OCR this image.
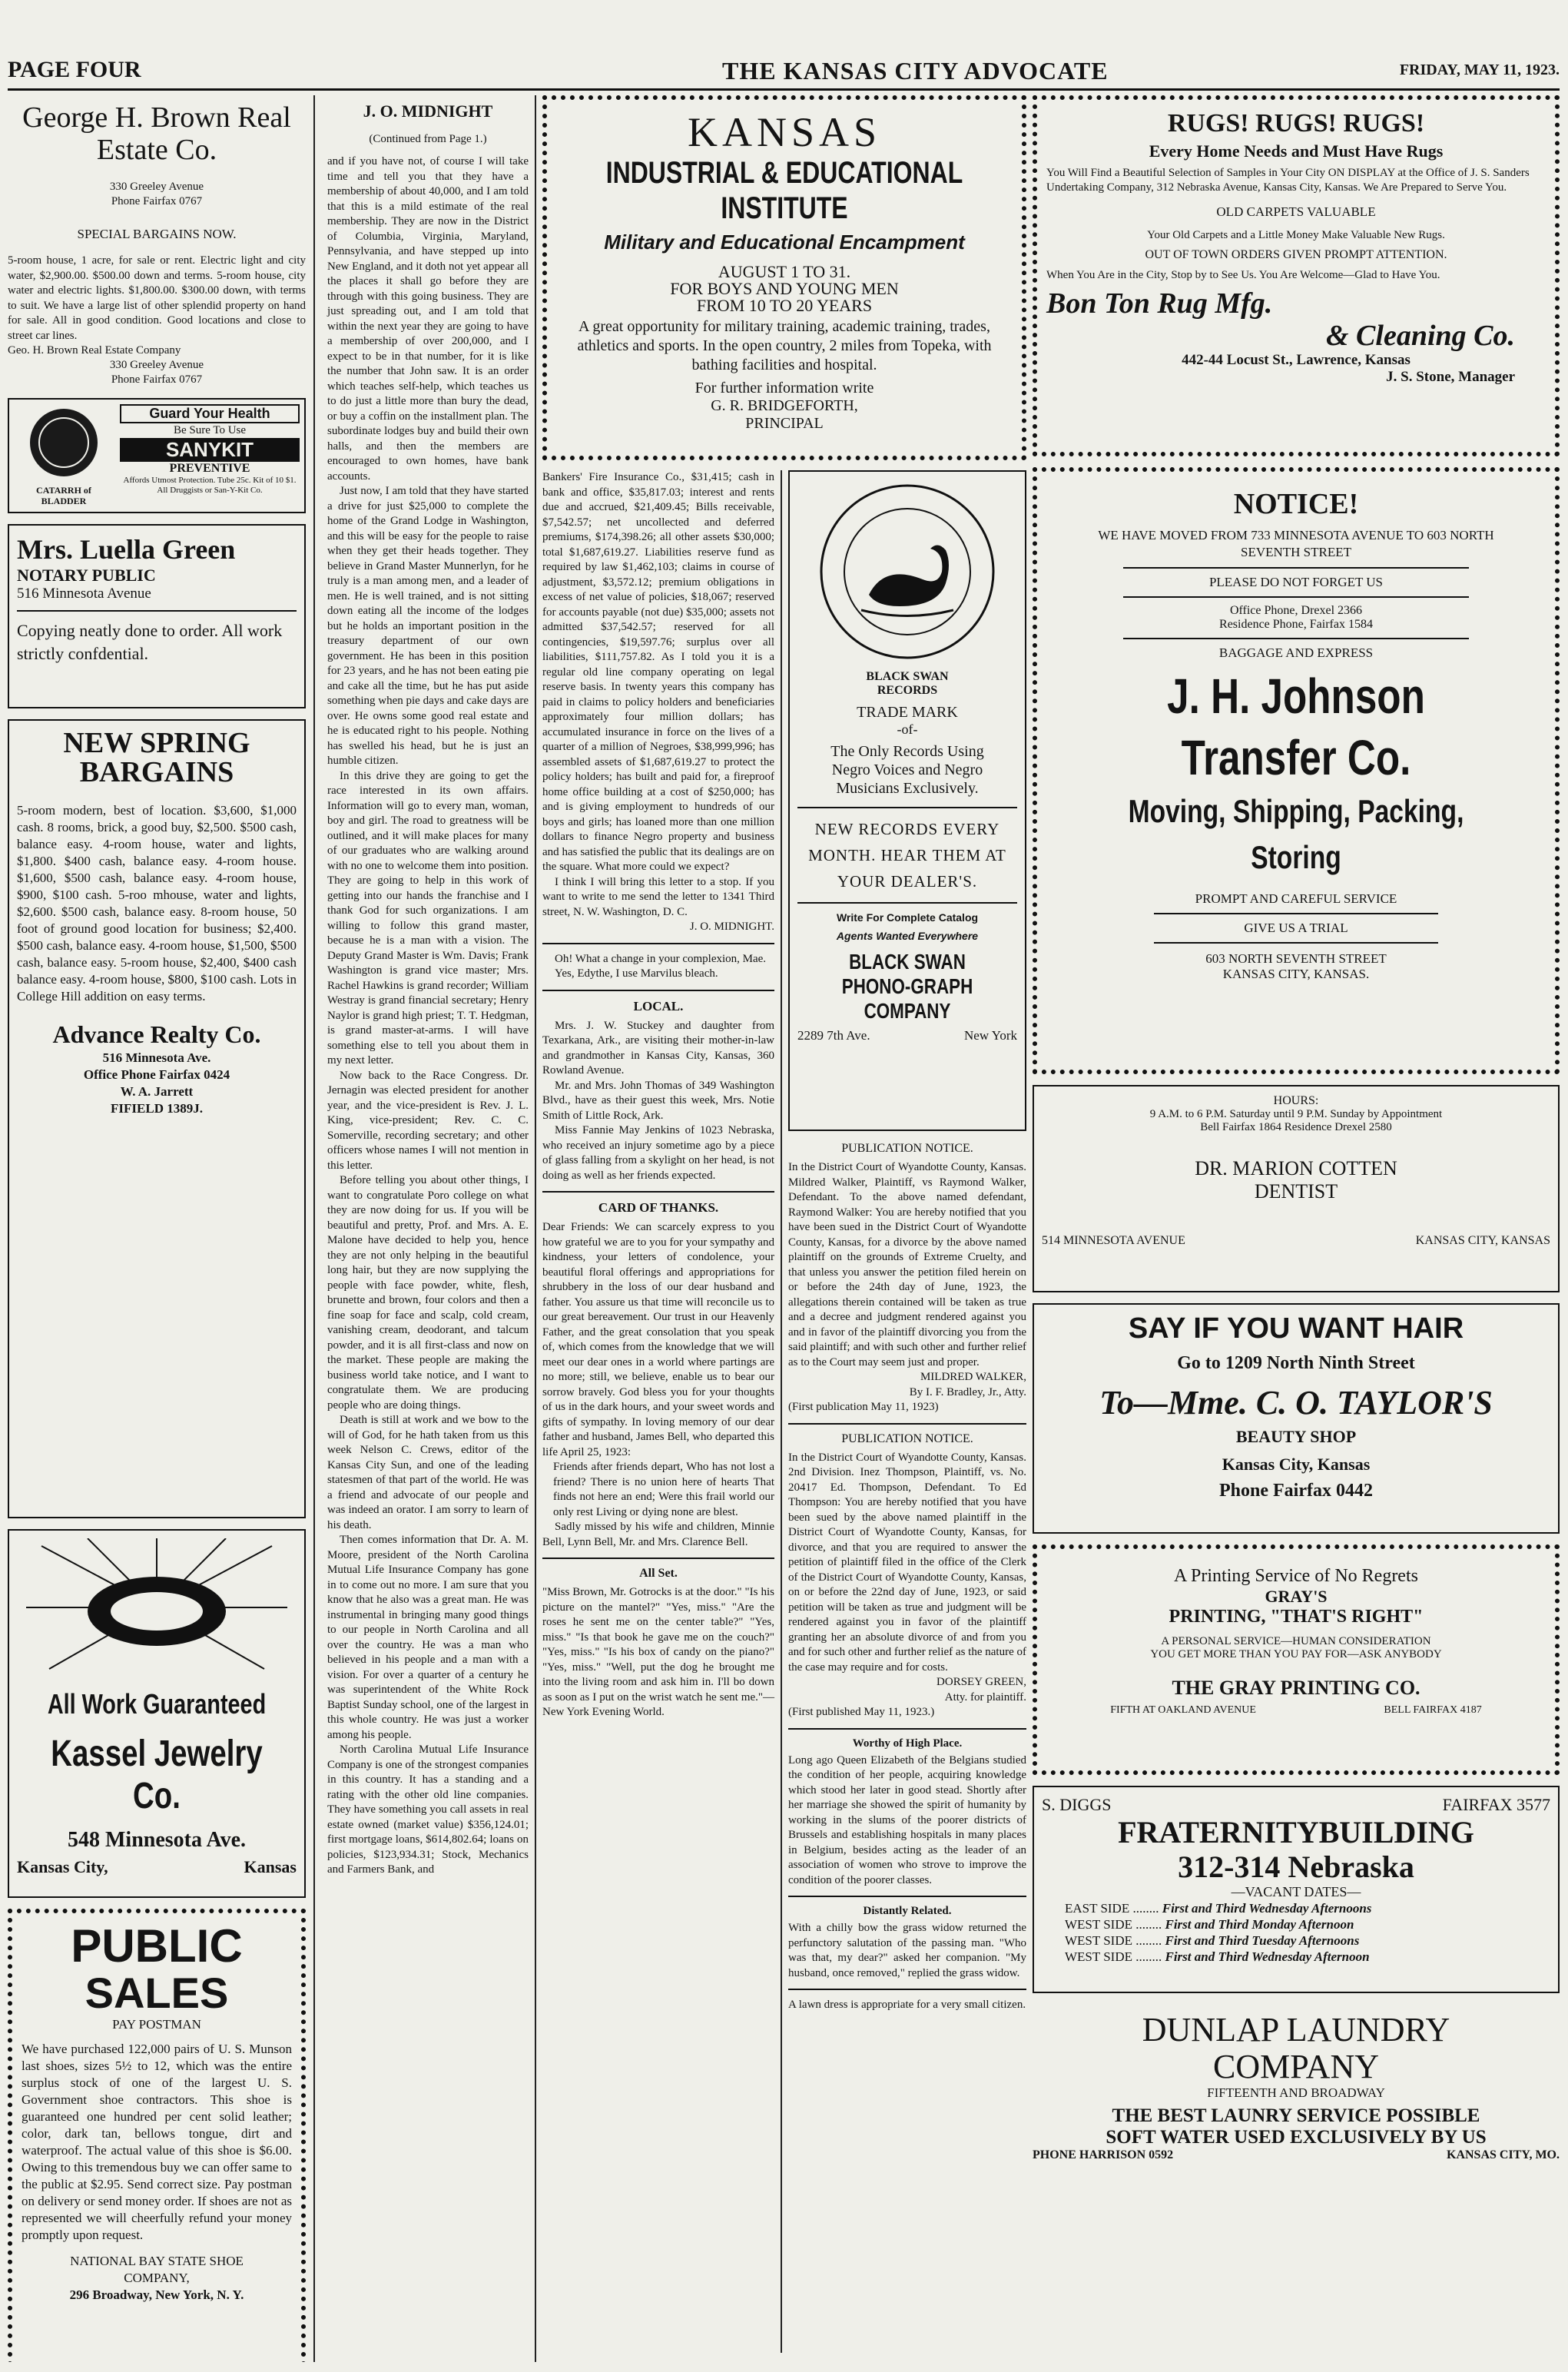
PAGE FOUR	THE KANSAS CITY ADVOCATE	FRIDAY, MAY 11, 1923.
George H. Brown Real Estate Co.
330 Greeley Avenue
Phone Fairfax 0767
SPECIAL BARGAINS NOW.
5-room house, 1 acre, for sale or rent. Electric light and city water, $2,900.00. $500.00 down and terms. 5-room house, city water and electric lights. $1,800.00. $300.00 down, with terms to suit. We have a large list of other splendid property on hand for sale. All in good condition. Good locations and close to street car lines.
Geo. H. Brown Real Estate Company
330 Greeley Avenue
Phone Fairfax 0767
CATARRH of BLADDER
Guard Your Health
Be Sure To Use
SANYKIT
PREVENTIVE
Affords Utmost Protection. Tube 25c. Kit of 10 $1. All Druggists or San-Y-Kit Co.
Mrs. Luella Green
NOTARY PUBLIC
516 Minnesota Avenue
Copying neatly done to order. All work strictly confdential.
NEW SPRING
BARGAINS
5-room modern, best of location. $3,600, $1,000 cash. 8 rooms, brick, a good buy, $2,500. $500 cash, balance easy. 4-room house, water and lights, $1,800. $400 cash, balance easy. 4-room house. $1,600, $500 cash, balance easy. 4-room house, $900, $100 cash. 5-roo mhouse, water and lights, $2,600. $500 cash, balance easy. 8-room house, 50 foot of ground good location for business; $2,400. $500 cash, balance easy. 4-room house, $1,500, $500 cash, balance easy. 5-room house, $2,400, $400 cash balance easy. 4-room house, $800, $100 cash. Lots in College Hill addition on easy terms.
Advance Realty Co.
516 Minnesota Ave.
Office Phone Fairfax 0424
W. A. Jarrett
FIFIELD 1389J.
All Work Guaranteed
Kassel Jewelry Co.
548 Minnesota Ave.
Kansas City,	Kansas
PUBLIC
SALES
PAY POSTMAN
We have purchased 122,000 pairs of U. S. Munson last shoes, sizes 5½ to 12, which was the entire surplus stock of one of the largest U. S. Government shoe contractors. This shoe is guaranteed one hundred per cent solid leather; color, dark tan, bellows tongue, dirt and waterproof. The actual value of this shoe is $6.00. Owing to this tremendous buy we can offer same to the public at $2.95. Send correct size. Pay postman on delivery or send money order. If shoes are not as represented we will cheerfully refund your money promptly upon request.
NATIONAL BAY STATE SHOE
COMPANY,
296 Broadway, New York, N. Y.
J. O. MIDNIGHT
(Continued from Page 1.)
and if you have not, of course I will take time and tell you that they have a membership of about 40,000, and I am told that this is a mild estimate of the real membership. They are now in the District of Columbia, Virginia, Maryland, Pennsylvania, and have stepped up into New England, and it doth not yet appear all the places it shall go before they are through with this going business. They are just spreading out, and I am told that within the next year they are going to have a membership of over 200,000, and I expect to be in that number, for it is like the number that John saw. It is an order which teaches self-help, which teaches us to do just a little more than bury the dead, or buy a coffin on the installment plan. The subordinate lodges buy and build their own halls, and then the members are encouraged to own homes, have bank accounts.
Just now, I am told that they have started a drive for just $25,000 to complete the home of the Grand Lodge in Washington, and this will be easy for the people to raise when they get their heads together. They believe in Grand Master Munnerlyn, for he truly is a man among men, and a leader of men. He is well trained, and is not sitting down eating all the income of the lodges but he holds an important position in the treasury department of our own government. He has been in this position for 23 years, and he has not been eating pie and cake all the time, but he has put aside something when pie days and cake days are over. He owns some good real estate and he is educated right to his people. Nothing has swelled his head, but he is just an humble citizen.
In this drive they are going to get the race interested in its own affairs. Information will go to every man, woman, boy and girl. The road to greatness will be outlined, and it will make places for many of our graduates who are walking around with no one to welcome them into position. They are going to help in this work of getting into our hands the franchise and I thank God for such organizations. I am willing to follow this grand master, because he is a man with a vision. The Deputy Grand Master is Wm. Davis; Frank Washington is grand vice master; Mrs. Rachel Hawkins is grand recorder; William Westray is grand financial secretary; Henry Naylor is grand high priest; T. T. Hedgman, is grand master-at-arms. I will have something else to tell you about them in my next letter.
Now back to the Race Congress. Dr. Jernagin was elected president for another year, and the vice-president is Rev. J. L. King, vice-president; Rev. C. C. Somerville, recording secretary; and other officers whose names I will not mention in this letter.
Before telling you about other things, I want to congratulate Poro college on what they are now doing for us. If you will be beautiful and pretty, Prof. and Mrs. A. E. Malone have decided to help you, hence they are not only helping in the beautiful long hair, but they are now supplying the people with face powder, white, flesh, brunette and brown, four colors and then a fine soap for face and scalp, cold cream, vanishing cream, deodorant, and talcum powder, and it is all first-class and now on the market. These people are making the business world take notice, and I want to congratulate them. We are producing people who are doing things.
Death is still at work and we bow to the will of God, for he hath taken from us this week Nelson C. Crews, editor of the Kansas City Sun, and one of the leading statesmen of that part of the world. He was a friend and advocate of our people and was indeed an orator. I am sorry to learn of his death.
Then comes information that Dr. A. M. Moore, president of the North Carolina Mutual Life Insurance Company has gone in to come out no more. I am sure that you know that he also was a great man. He was instrumental in bringing many good things to our people in North Carolina and all over the country. He was a man who believed in his people and a man with a vision. For over a quarter of a century he was superintendent of the White Rock Baptist Sunday school, one of the largest in this whole country. He was just a worker among his people.
North Carolina Mutual Life Insurance Company is one of the strongest companies in this country. It has a standing and a rating with the other old line companies. They have something you call assets in real estate owned (market value) $356,124.01; first mortgage loans, $614,802.64; loans on policies, $123,934.31; Stock, Mechanics and Farmers Bank, and
KANSAS
INDUSTRIAL & EDUCATIONAL INSTITUTE
Military and Educational Encampment
AUGUST 1 TO 31.
FOR BOYS AND YOUNG MEN
FROM 10 TO 20 YEARS
A great opportunity for military training, academic training, trades, athletics and sports. In the open country, 2 miles from Topeka, with bathing facilities and hospital.
For further information write
G. R. BRIDGEFORTH,
PRINCIPAL
Bankers' Fire Insurance Co., $31,415; cash in bank and office, $35,817.03; interest and rents due and accrued, $21,409.45; Bills receivable, $7,542.57; net uncollected and deferred premiums, $174,398.26; all other assets $30,000; total $1,687,619.27. Liabilities reserve fund as required by law $1,462,103; claims in course of adjustment, $3,572.12; premium obligations in excess of net value of policies, $18,067; reserved for accounts payable (not due) $35,000; assets not admitted $37,542.57; reserved for all contingencies, $19,597.76; surplus over all liabilities, $111,757.82. As I told you it is a regular old line company operating on legal reserve basis. In twenty years this company has paid in claims to policy holders and beneficiaries approximately four million dollars; has accumulated insurance in force on the lives of a quarter of a million of Negroes, $38,999,996; has assembled assets of $1,687,619.27 to protect the policy holders; has built and paid for, a fireproof home office building at a cost of $250,000; has and is giving employment to hundreds of our boys and girls; has loaned more than one million dollars to finance Negro property and business and has satisfied the public that its dealings are on the square. What more could we expect?
I think I will bring this letter to a stop. If you want to write to me send the letter to 1341 Third street, N. W. Washington, D. C.
J. O. MIDNIGHT.
Oh! What a change in your complexion, Mae.
Yes, Edythe, I use Marvilus bleach.
LOCAL.
Mrs. J. W. Stuckey and daughter from Texarkana, Ark., are visiting their mother-in-law and grandmother in Kansas City, Kansas, 360 Rowland Avenue.
Mr. and Mrs. John Thomas of 349 Washington Blvd., have as their guest this week, Mrs. Notie Smith of Little Rock, Ark.
Miss Fannie May Jenkins of 1023 Nebraska, who received an injury sometime ago by a piece of glass falling from a skylight on her head, is not doing as well as her friends expected.
CARD OF THANKS.
Dear Friends: We can scarcely express to you how grateful we are to you for your sympathy and kindness, your letters of condolence, your beautiful floral offerings and appropriations for shrubbery in the loss of our dear husband and father. You assure us that time will reconcile us to our great bereavement. Our trust in our Heavenly Father, and the great consolation that you speak of, which comes from the knowledge that we will meet our dear ones in a world where partings are no more; still, we believe, enable us to bear our sorrow bravely. God bless you for your thoughts of us in the dark hours, and your sweet words and gifts of sympathy. In loving memory of our dear father and husband, James Bell, who departed this life April 25, 1923:
Friends after friends depart, Who has not lost a friend? There is no union here of hearts That finds not here an end; Were this frail world our only rest Living or dying none are blest.
Sadly missed by his wife and children, Minnie Bell, Lynn Bell, Mr. and Mrs. Clarence Bell.
All Set.
"Miss Brown, Mr. Gotrocks is at the door." "Is his picture on the mantel?" "Yes, miss." "Are the roses he sent me on the center table?" "Yes, miss." "Is that book he gave me on the couch?" "Yes, miss." "Is his box of candy on the piano?" "Yes, miss." "Well, put the dog he brought me into the living room and ask him in. I'll bo down as soon as I put on the wrist watch he sent me."—New York Evening World.
BLACK SWAN
RECORDS
TRADE MARK
-of-
The Only Records Using Negro Voices and Negro Musicians Exclusively.
NEW RECORDS EVERY MONTH. HEAR THEM AT YOUR DEALER'S.
Write For Complete Catalog
Agents Wanted Everywhere
BLACK SWAN PHONO-GRAPH COMPANY
2289 7th Ave.	New York
PUBLICATION NOTICE.
In the District Court of Wyandotte County, Kansas. Mildred Walker, Plaintiff, vs Raymond Walker, Defendant. To the above named defendant, Raymond Walker: You are hereby notified that you have been sued in the District Court of Wyandotte County, Kansas, for a divorce by the above named plaintiff on the grounds of Extreme Cruelty, and that unless you answer the petition filed herein on or before the 24th day of June, 1923, the allegations therein contained will be taken as true and a decree and judgment rendered against you and in favor of the plaintiff divorcing you from the said plaintiff; and with such other and further relief as to the Court may seem just and proper.
MILDRED WALKER,
By I. F. Bradley, Jr., Atty.
(First publication May 11, 1923)
PUBLICATION NOTICE.
In the District Court of Wyandotte County, Kansas. 2nd Division. Inez Thompson, Plaintiff, vs. No. 20417 Ed. Thompson, Defendant. To Ed Thompson: You are hereby notified that you have been sued by the above named plaintiff in the District Court of Wyandotte County, Kansas, for divorce, and that you are required to answer the petition of plaintiff filed in the office of the Clerk of the District Court of Wyandotte County, Kansas, on or before the 22nd day of June, 1923, or said petition will be taken as true and judgment will be rendered against you in favor of the plaintiff granting her an absolute divorce of and from you and for such other and further relief as the nature of the case may require and for costs.
DORSEY GREEN,
Atty. for plaintiff.
(First published May 11, 1923.)
Worthy of High Place.
Long ago Queen Elizabeth of the Belgians studied the condition of her people, acquiring knowledge which stood her later in good stead. Shortly after her marriage she showed the spirit of humanity by working in the slums of the poorer districts of Brussels and establishing hospitals in many places in Belgium, besides acting as the leader of an association of women who strove to improve the condition of the poorer classes.
Distantly Related.
With a chilly bow the grass widow returned the perfunctory salutation of the passing man. "Who was that, my dear?" asked her companion. "My husband, once removed," replied the grass widow.
A lawn dress is appropriate for a very small citizen.
RUGS! RUGS! RUGS!
Every Home Needs and Must Have Rugs
You Will Find a Beautiful Selection of Samples in Your City ON DISPLAY at the Office of J. S. Sanders Undertaking Company, 312 Nebraska Avenue, Kansas City, Kansas. We Are Prepared to Serve You.
OLD CARPETS VALUABLE
Your Old Carpets and a Little Money Make Valuable New Rugs.
OUT OF TOWN ORDERS GIVEN PROMPT ATTENTION.
When You Are in the City, Stop by to See Us. You Are Welcome—Glad to Have You.
Bon Ton Rug Mfg.
& Cleaning Co.
442-44 Locust St., Lawrence, Kansas
J. S. Stone, Manager
NOTICE!
WE HAVE MOVED FROM 733 MINNESOTA AVENUE TO 603 NORTH SEVENTH STREET
PLEASE DO NOT FORGET US
Office Phone, Drexel 2366
Residence Phone, Fairfax 1584
BAGGAGE AND EXPRESS
J. H. Johnson Transfer Co.
Moving, Shipping, Packing, Storing
PROMPT AND CAREFUL SERVICE
GIVE US A TRIAL
603 NORTH SEVENTH STREET
KANSAS CITY, KANSAS.
HOURS:
9 A.M. to 6 P.M. Saturday until 9 P.M. Sunday by Appointment
Bell Fairfax 1864 Residence Drexel 2580
DR. MARION COTTEN
DENTIST
514 MINNESOTA AVENUE	KANSAS CITY, KANSAS
SAY IF YOU WANT HAIR
Go to 1209 North Ninth Street
To—Mme. C. O. TAYLOR'S
BEAUTY SHOP
Kansas City, Kansas
Phone Fairfax 0442
A Printing Service of No Regrets
GRAY'S
PRINTING, "THAT'S RIGHT"
A PERSONAL SERVICE—HUMAN CONSIDERATION
YOU GET MORE THAN YOU PAY FOR—ASK ANYBODY
THE GRAY PRINTING CO.
FIFTH AT OAKLAND AVENUE	BELL FAIRFAX 4187
S. DIGGS	FAIRFAX 3577
FRATERNITYBUILDING
312-314 Nebraska
—VACANT DATES—
EAST SIDE ........ First and Third Wednesday Afternoons
WEST SIDE ........ First and Third Monday Afternoon
WEST SIDE ........ First and Third Tuesday Afternoons
WEST SIDE ........ First and Third Wednesday Afternoon
DUNLAP LAUNDRY
COMPANY
FIFTEENTH AND BROADWAY
THE BEST LAUNRY SERVICE POSSIBLE
SOFT WATER USED EXCLUSIVELY BY US
PHONE HARRISON 0592	KANSAS CITY, MO.
